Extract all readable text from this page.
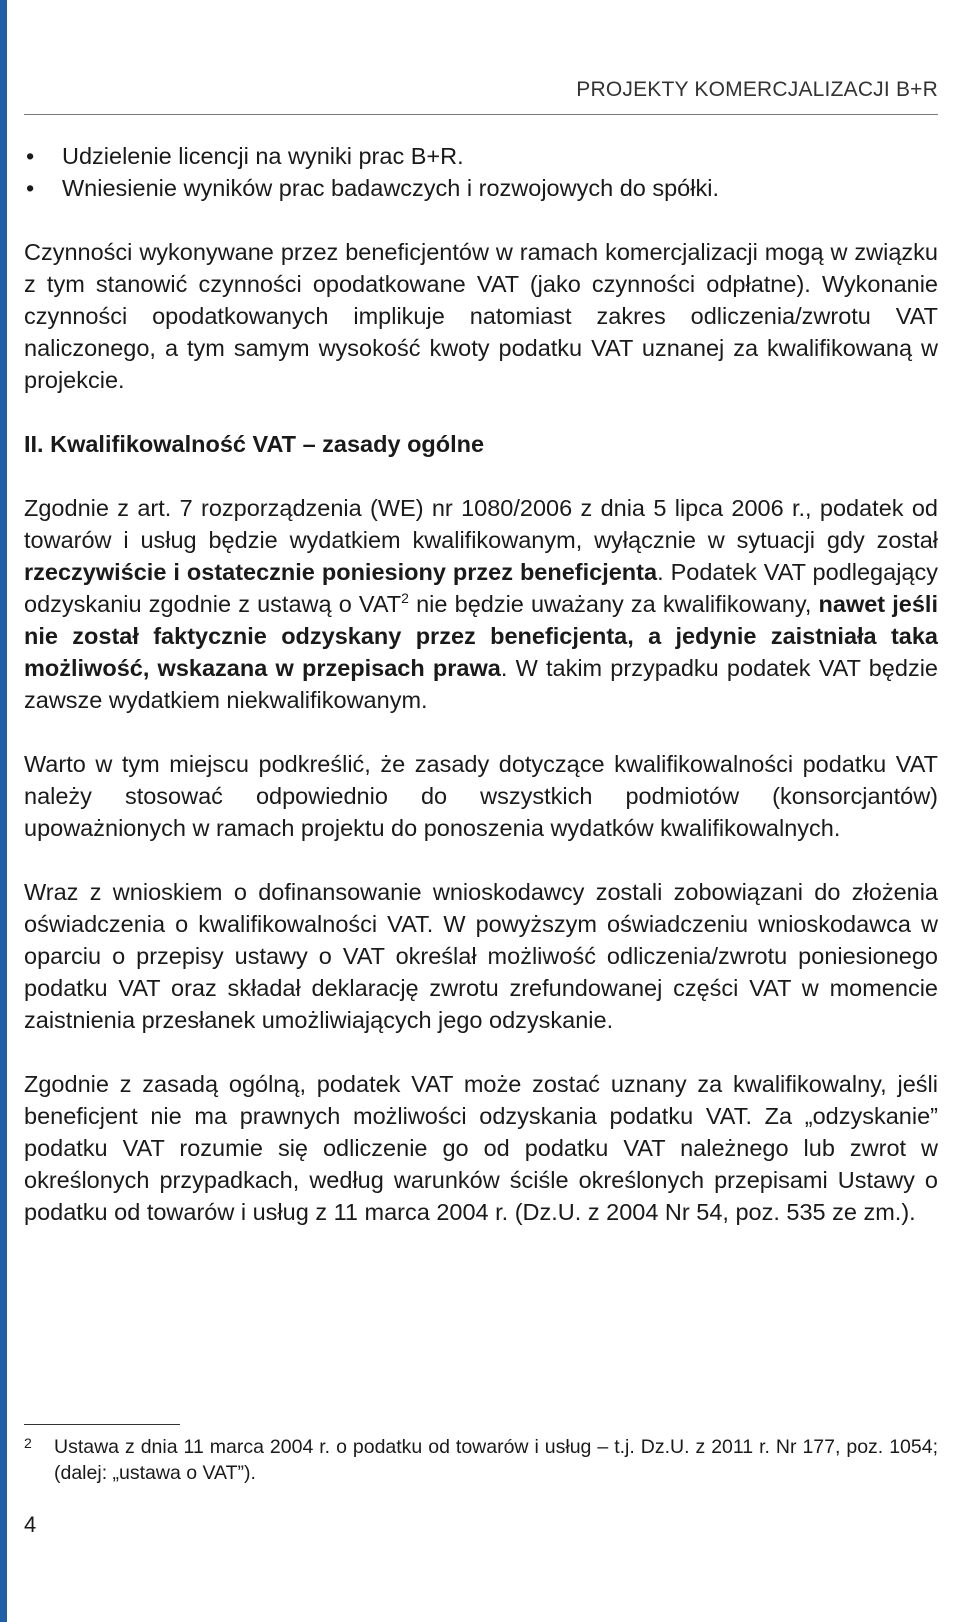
PROJEKTY KOMERCJALIZACJI B+R
• Udzielenie licencji na wyniki prac B+R.
• Wniesienie wyników prac badawczych i rozwojowych do spółki.

Czynności wykonywane przez beneficjentów w ramach komercjalizacji mogą w związku z tym stanowić czynności opodatkowane VAT (jako czynności odpłatne). Wykonanie czynności opodatkowanych implikuje natomiast zakres odliczenia/zwrotu VAT naliczonego, a tym samym wysokość kwoty podatku VAT uznanej za kwalifikowaną w projekcie.

II. Kwalifikowalność VAT – zasady ogólne

Zgodnie z art. 7 rozporządzenia (WE) nr 1080/2006 z dnia 5 lipca 2006 r., podatek od towarów i usług będzie wydatkiem kwalifikowanym, wyłącznie w sytuacji gdy został rzeczywiście i ostatecznie poniesiony przez beneficjenta. Podatek VAT podlegający odzyskaniu zgodnie z ustawą o VAT$^2$ nie będzie uważany za kwalifikowany, nawet jeśli nie został faktycznie odzyskany przez beneficjenta, a jedynie zaistniała taka możliwość, wskazana w przepisach prawa. W takim przypadku podatek VAT będzie zawsze wydatkiem niekwalifikowanym.

Warto w tym miejscu podkreślić, że zasady dotyczące kwalifikowalności podatku VAT należy stosować odpowiednio do wszystkich podmiotów (konsorcjantów) upoważnionych w ramach projektu do ponoszenia wydatków kwalifikowalnych.

Wraz z wnioskiem o dofinansowanie wnioskodawcy zostali zobowiązani do złożenia oświadczenia o kwalifikowalności VAT. W powyższym oświadczeniu wnioskodawca w oparciu o przepisy ustawy o VAT określał możliwość odliczenia/zwrotu poniesionego podatku VAT oraz składał deklarację zwrotu zrefundowanej części VAT w momencie zaistnienia przesłanek umożliwiających jego odzyskanie.

Zgodnie z zasadą ogólną, podatek VAT może zostać uznany za kwalifikowalny, jeśli beneficjent nie ma prawnych możliwości odzyskania podatku VAT. Za „odzyskanie” podatku VAT rozumie się odliczenie go od podatku VAT należnego lub zwrot w określonych przypadkach, według warunków ściśle określonych przepisami Ustawy o podatku od towarów i usług z 11 marca 2004 r. (Dz.U. z 2004 Nr 54, poz. 535 ze zm.).

2	Ustawa z dnia 11 marca 2004 r. o podatku od towarów i usług – t.j. Dz.U. z 2011 r. Nr 177, poz. 1054; (dalej: „ustawa o VAT”).
4
